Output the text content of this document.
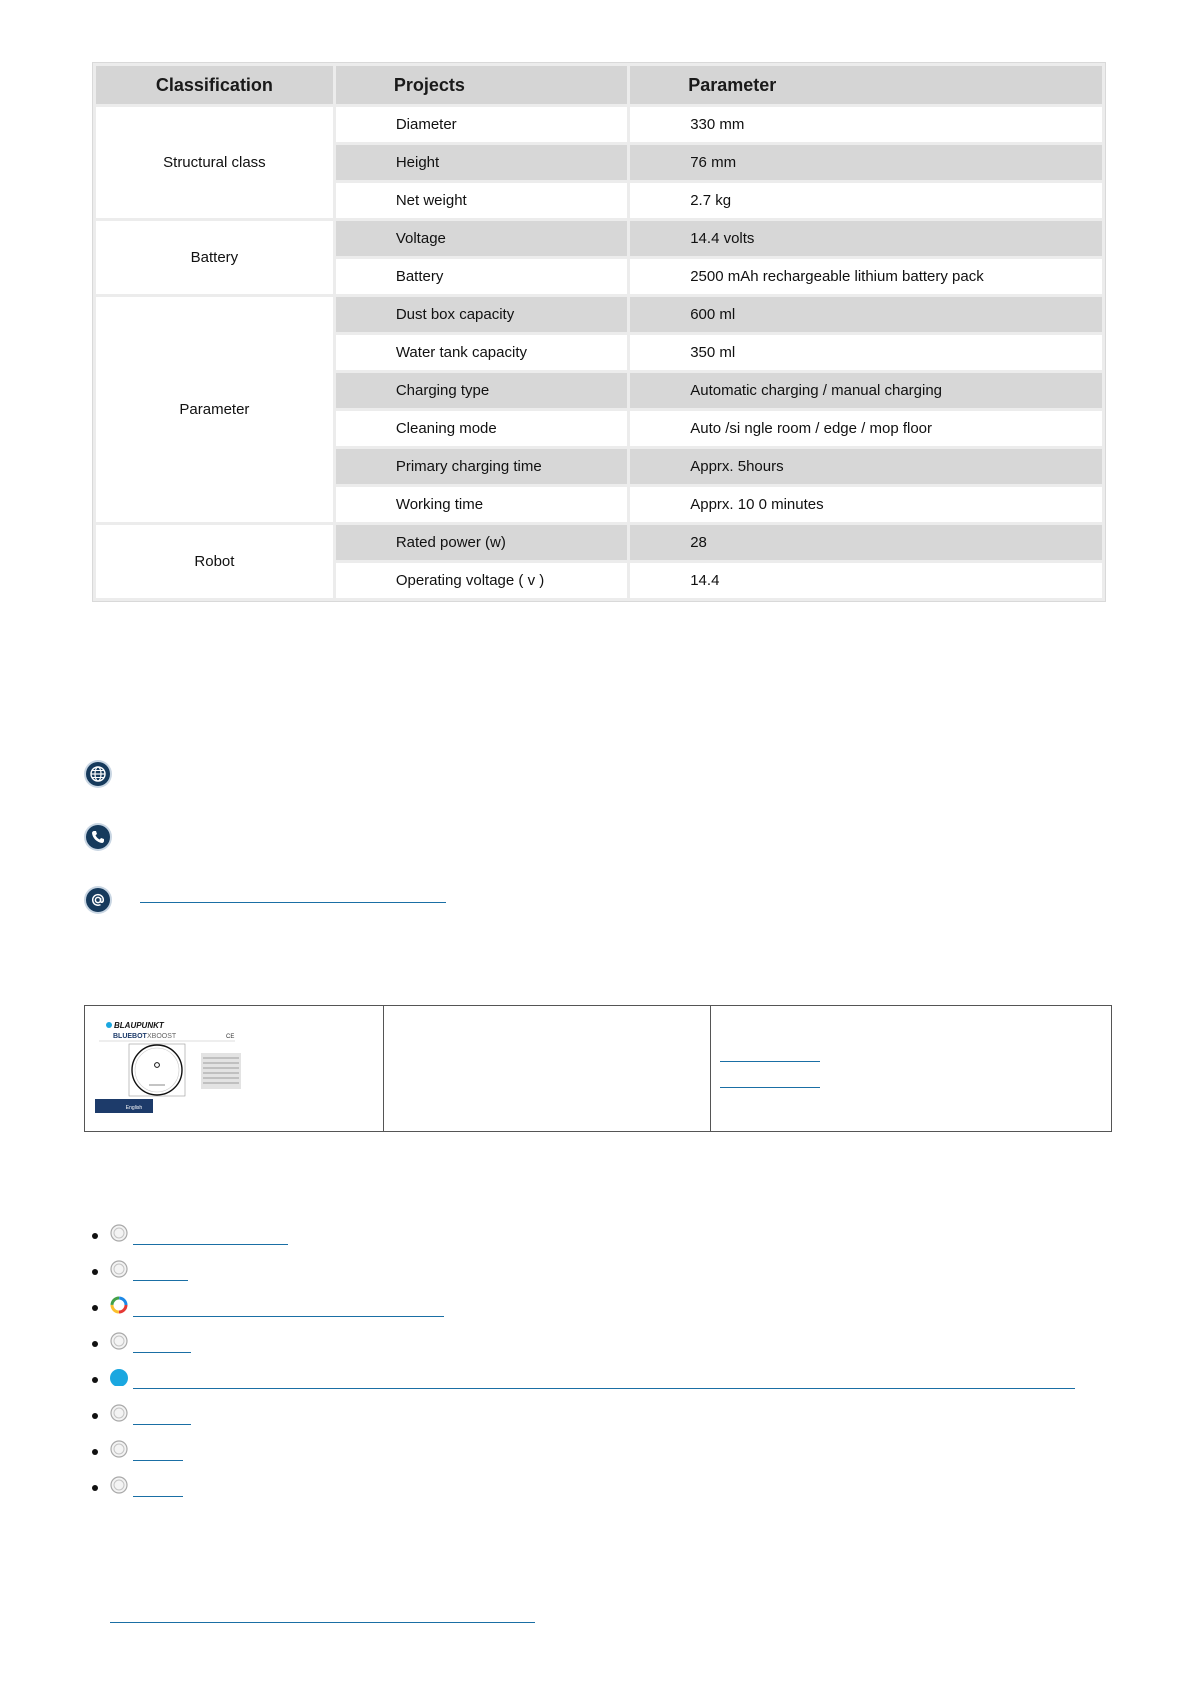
Classification	Projects	Parameter
Structural class	Diameter	330 mm
	Height	76 mm
	Net weight	2.7 kg
Battery	Voltage	14.4 volts
	Battery	2500 mAh rechargeable lithium battery pack
Parameter	Dust box capacity	600 ml
	Water tank capacity	350 ml
	Charging type	Automatic charging / manual charging
	Cleaning mode	Auto /si ngle room / edge / mop floor
	Primary charging time	Apprx. 5hours
	Working time	Apprx. 10 0 minutes
Robot	Rated power (w)	28
	Operating voltage ( v )	14.4
BLAUPUNKT
BLUEBOT XBOOST	CE
English
